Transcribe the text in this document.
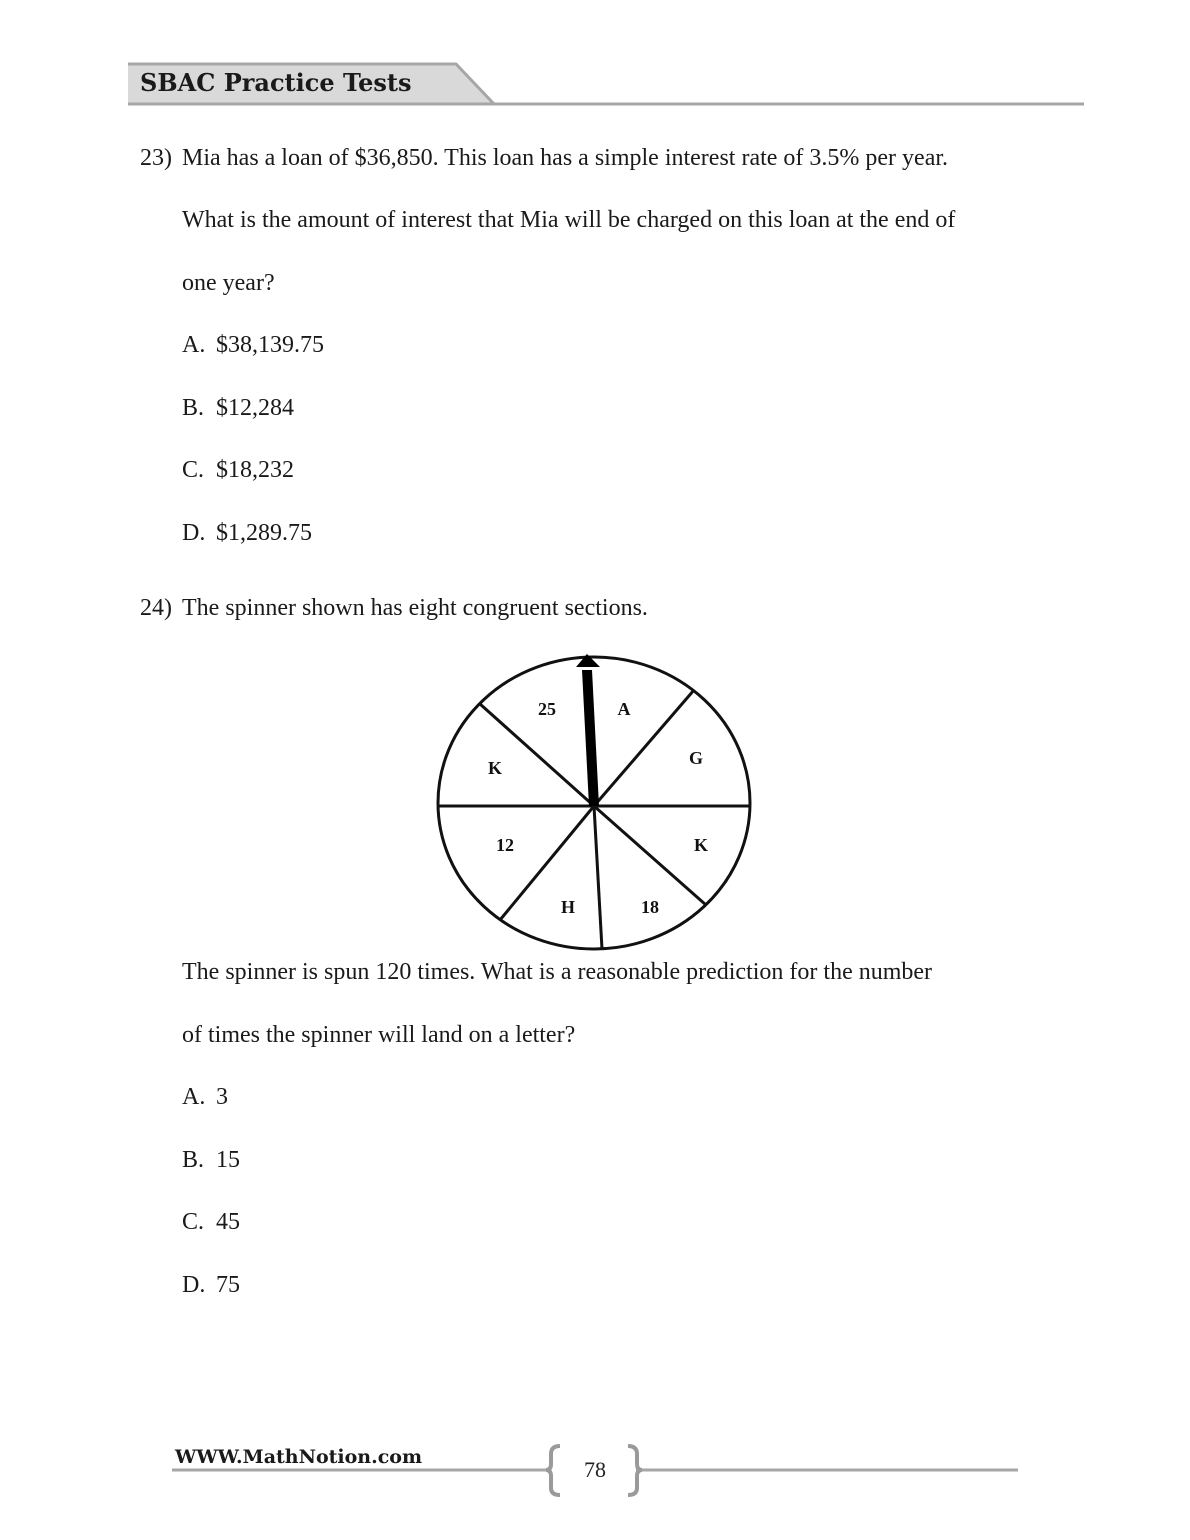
SBAC Practice Tests
23) Mia has a loan of $36,850. This loan has a simple interest rate of 3.5% per year.
What is the amount of interest that Mia will be charged on this loan at the end of
one year?
A. $38,139.75
B. $12,284
C. $18,232
D. $1,289.75
24) The spinner shown has eight congruent sections.
25	A
G
K
18
H
12
K
The spinner is spun 120 times. What is a reasonable prediction for the number
of times the spinner will land on a letter?
A. 3
B. 15
C. 45
D. 75
WWW.MathNotion.com	78
